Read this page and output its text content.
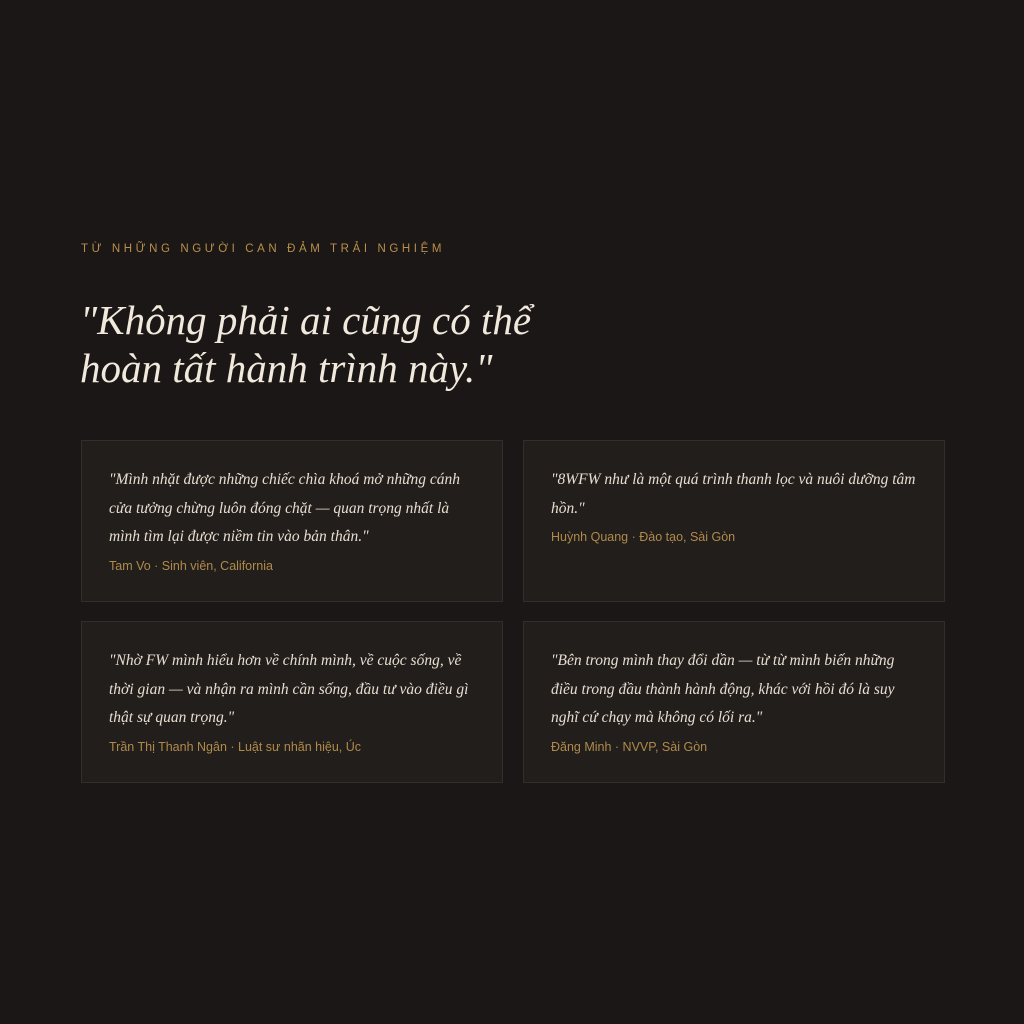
TỪ NHỮNG NGƯỜI CAN ĐẢM TRẢI NGHIỆM
"Không phải ai cũng có thể
hoàn tất hành trình này."

"Mình nhặt được những chiếc chìa khoá mở những cánh cửa tưởng chừng luôn đóng chặt — quan trọng nhất là mình tìm lại được niềm tin vào bản thân."

Tam Vo · Sinh viên, California

"8WFW như là một quá trình thanh lọc và nuôi dưỡng tâm hồn."

Huỳnh Quang · Đào tạo, Sài Gòn

"Nhờ FW mình hiểu hơn về chính mình, về cuộc sống, về thời gian — và nhận ra mình cần sống, đầu tư vào điều gì thật sự quan trọng."

Trần Thị Thanh Ngân · Luật sư nhãn hiệu, Úc

"Bên trong mình thay đổi dần — từ từ mình biến những điều trong đầu thành hành động, khác với hồi đó là suy nghĩ cứ chạy mà không có lối ra."

Đăng Minh · NVVP, Sài Gòn
